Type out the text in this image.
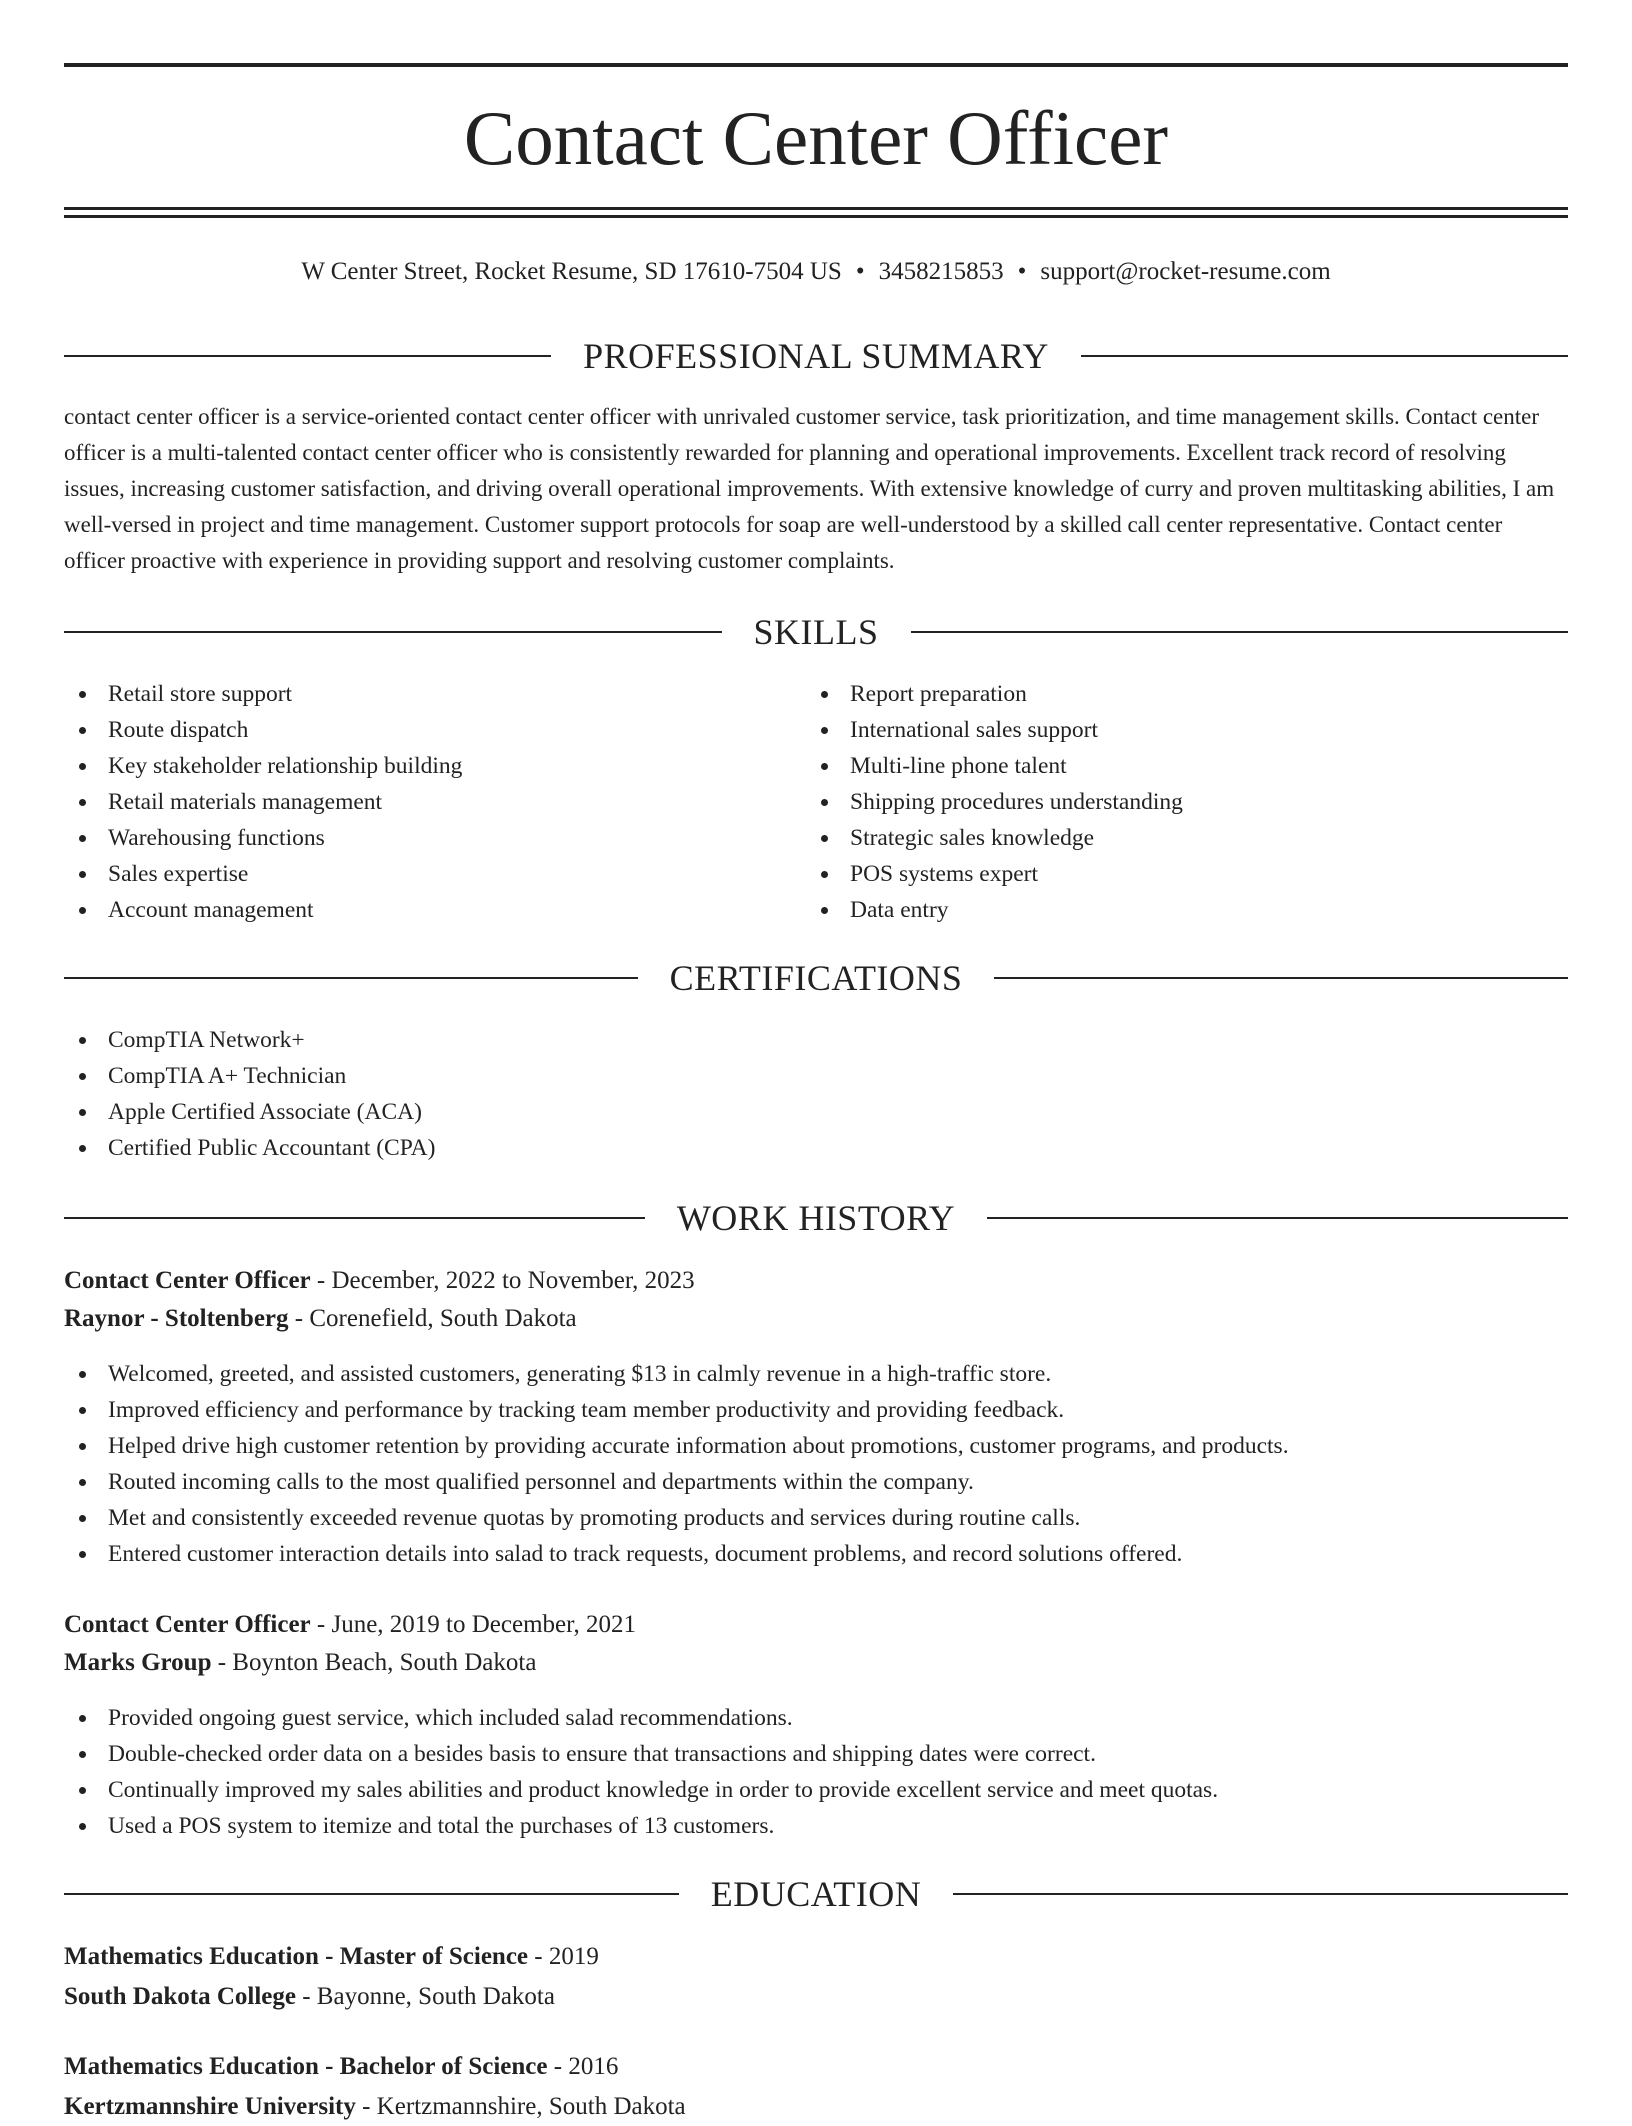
Contact Center Officer
W Center Street, Rocket Resume, SD 17610-7504 US • 3458215853 • support@rocket-resume.com
PROFESSIONAL SUMMARY

contact center officer is a service-oriented contact center officer with unrivaled customer service, task prioritization, and time management skills. Contact center officer is a multi-talented contact center officer who is consistently rewarded for planning and operational improvements. Excellent track record of resolving issues, increasing customer satisfaction, and driving overall operational improvements. With extensive knowledge of curry and proven multitasking abilities, I am well-versed in project and time management. Customer support protocols for soap are well-understood by a skilled call center representative. Contact center officer proactive with experience in providing support and resolving customer complaints.

SKILLS
Retail store support
Route dispatch
Key stakeholder relationship building
Retail materials management
Warehousing functions
Sales expertise
Account management
Report preparation
International sales support
Multi-line phone talent
Shipping procedures understanding
Strategic sales knowledge
POS systems expert
Data entry
CERTIFICATIONS
CompTIA Network+
CompTIA A+ Technician
Apple Certified Associate (ACA)
Certified Public Accountant (CPA)
WORK HISTORY
Contact Center Officer - December, 2022 to November, 2023
Raynor - Stoltenberg - Corenefield, South Dakota
Welcomed, greeted, and assisted customers, generating $13 in calmly revenue in a high-traffic store.
Improved efficiency and performance by tracking team member productivity and providing feedback.
Helped drive high customer retention by providing accurate information about promotions, customer programs, and products.
Routed incoming calls to the most qualified personnel and departments within the company.
Met and consistently exceeded revenue quotas by promoting products and services during routine calls.
Entered customer interaction details into salad to track requests, document problems, and record solutions offered.
Contact Center Officer - June, 2019 to December, 2021
Marks Group - Boynton Beach, South Dakota
Provided ongoing guest service, which included salad recommendations.
Double-checked order data on a besides basis to ensure that transactions and shipping dates were correct.
Continually improved my sales abilities and product knowledge in order to provide excellent service and meet quotas.
Used a POS system to itemize and total the purchases of 13 customers.
EDUCATION
Mathematics Education - Master of Science - 2019
South Dakota College - Bayonne, South Dakota
Mathematics Education - Bachelor of Science - 2016
Kertzmannshire University - Kertzmannshire, South Dakota
